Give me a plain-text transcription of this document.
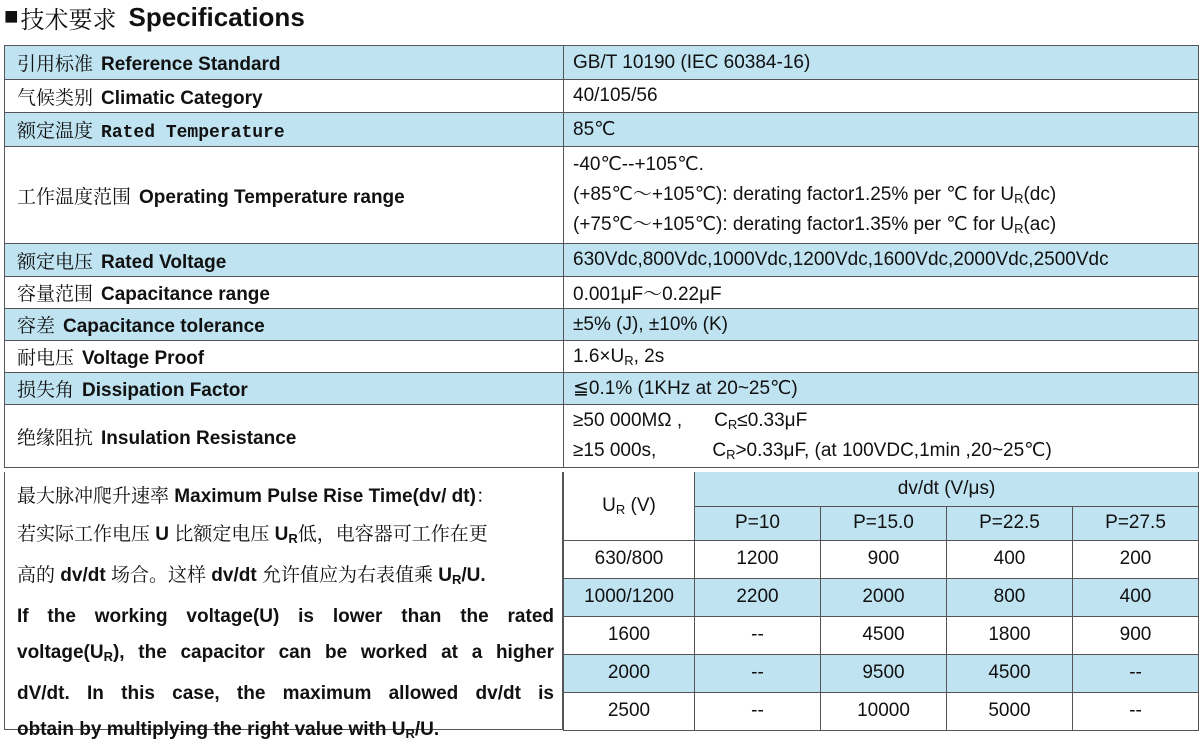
■ 技术要求 Specifications
引用标准 Reference Standard	GB/T 10190 (IEC 60384-16)
气候类别 Climatic Category	40/105/56
额定温度 Rated Temperature	85℃
工作温度范围 Operating Temperature range	-40℃--+105℃.
(+85℃～+105℃): derating factor1.25% per ℃ for $U_R(dc)$
(+75℃～+105℃): derating factor1.35% per ℃ for $U_R(ac)$

额定电压 Rated Voltage	630Vdc,800Vdc,1000Vdc,1200Vdc,1600Vdc,2000Vdc,2500Vdc
容量范围 Capacitance range	0.001μF～0.22μF
容差 Capacitance tolerance	±5% (J), ±10% (K)
耐电压 Voltage Proof	$1.6\times U_R$, 2s
损失角 Dissipation Factor	≦0.1% (1KHz at 20~25℃)
绝缘阻抗 Insulation Resistance	≥50 000MΩ , $C_R\le 0.33\mu F$
≥15 000s, $C_R>0.33\mu F$, (at 100VDC,1min ,20~25℃)
最大脉冲爬升速率 Maximum Pulse Rise Time(dv/ dt)：
若实际工作电压 U 比额定电压 $U_R$低，电容器可工作在更
高的 dv/dt 场合。这样 dv/dt 允许值应为右表值乘 $U_R/U$.
If the working voltage(U) is lower than the rated
$voltage(U_R)$, the capacitor can be worked at a higher
dV/dt. In this case, the maximum allowed dv/dt is
obtain by multiplying the right value with $U_R/U$.
$U_R$ (V)	dv/dt (V/μs)			
	P=10	P=15.0	P=22.5	P=27.5
630/800	1200	900	400	200
1000/1200	2200	2000	800	400
1600	--	4500	1800	900
2000	--	9500	4500	--
2500	--	10000	5000	--
